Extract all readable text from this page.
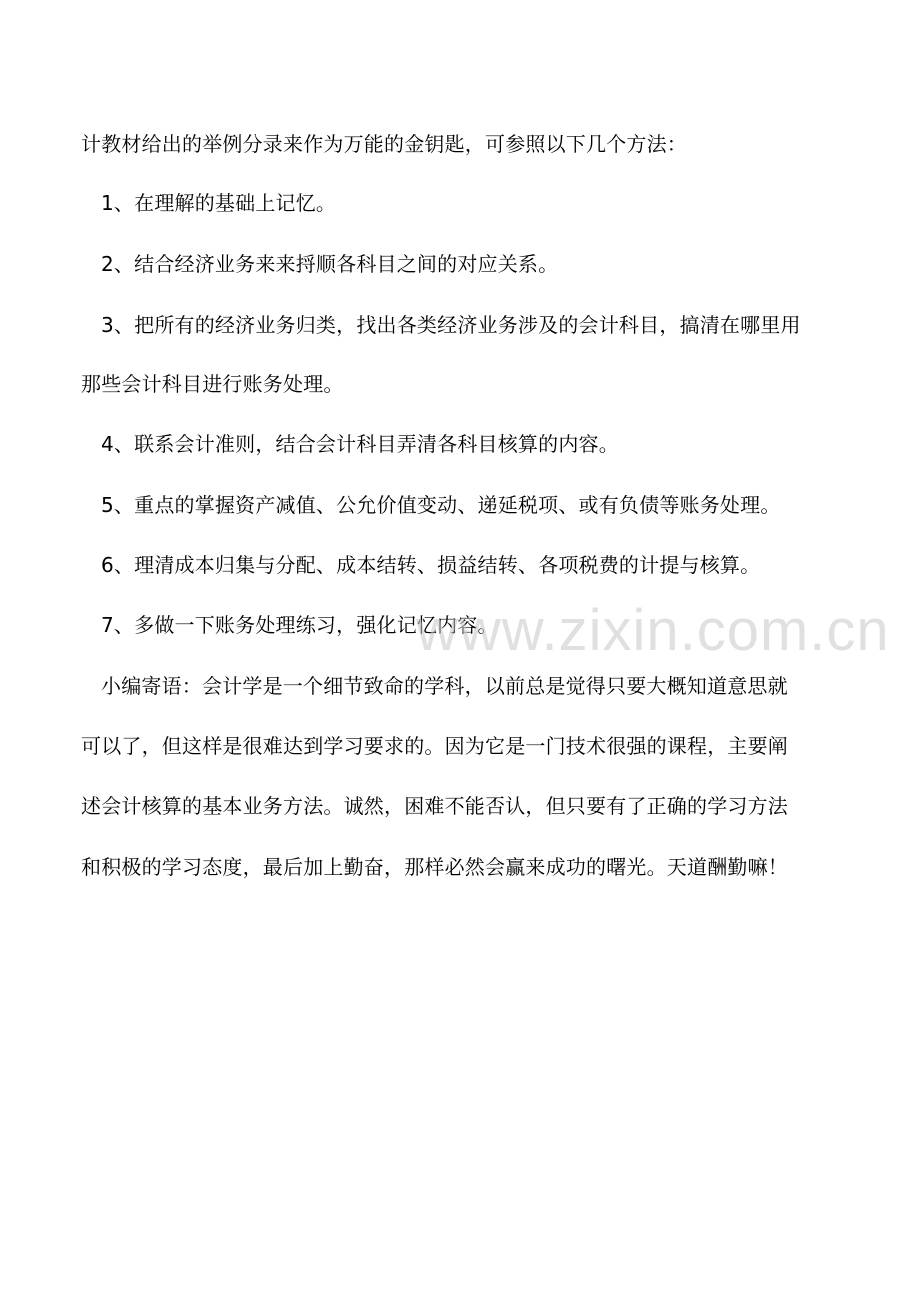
计教材给出的举例分录来作为万能的金钥匙，可参照以下几个方法：
1、在理解的基础上记忆。
2、结合经济业务来来捋顺各科目之间的对应关系。
3、把所有的经济业务归类，找出各类经济业务涉及的会计科目，搞清在哪里用
那些会计科目进行账务处理。
4、联系会计准则，结合会计科目弄清各科目核算的内容。
5、重点的掌握资产减值、公允价值变动、递延税项、或有负债等账务处理。
6、理清成本归集与分配、成本结转、损益结转、各项税费的计提与核算。
7、多做一下账务处理练习，强化记忆内容。
小编寄语：会计学是一个细节致命的学科，以前总是觉得只要大概知道意思就
可以了，但这样是很难达到学习要求的。因为它是一门技术很强的课程，主要阐
述会计核算的基本业务方法。诚然，困难不能否认，但只要有了正确的学习方法
和积极的学习态度，最后加上勤奋，那样必然会赢来成功的曙光。天道酬勤嘛！
www.zixin.com.cn
